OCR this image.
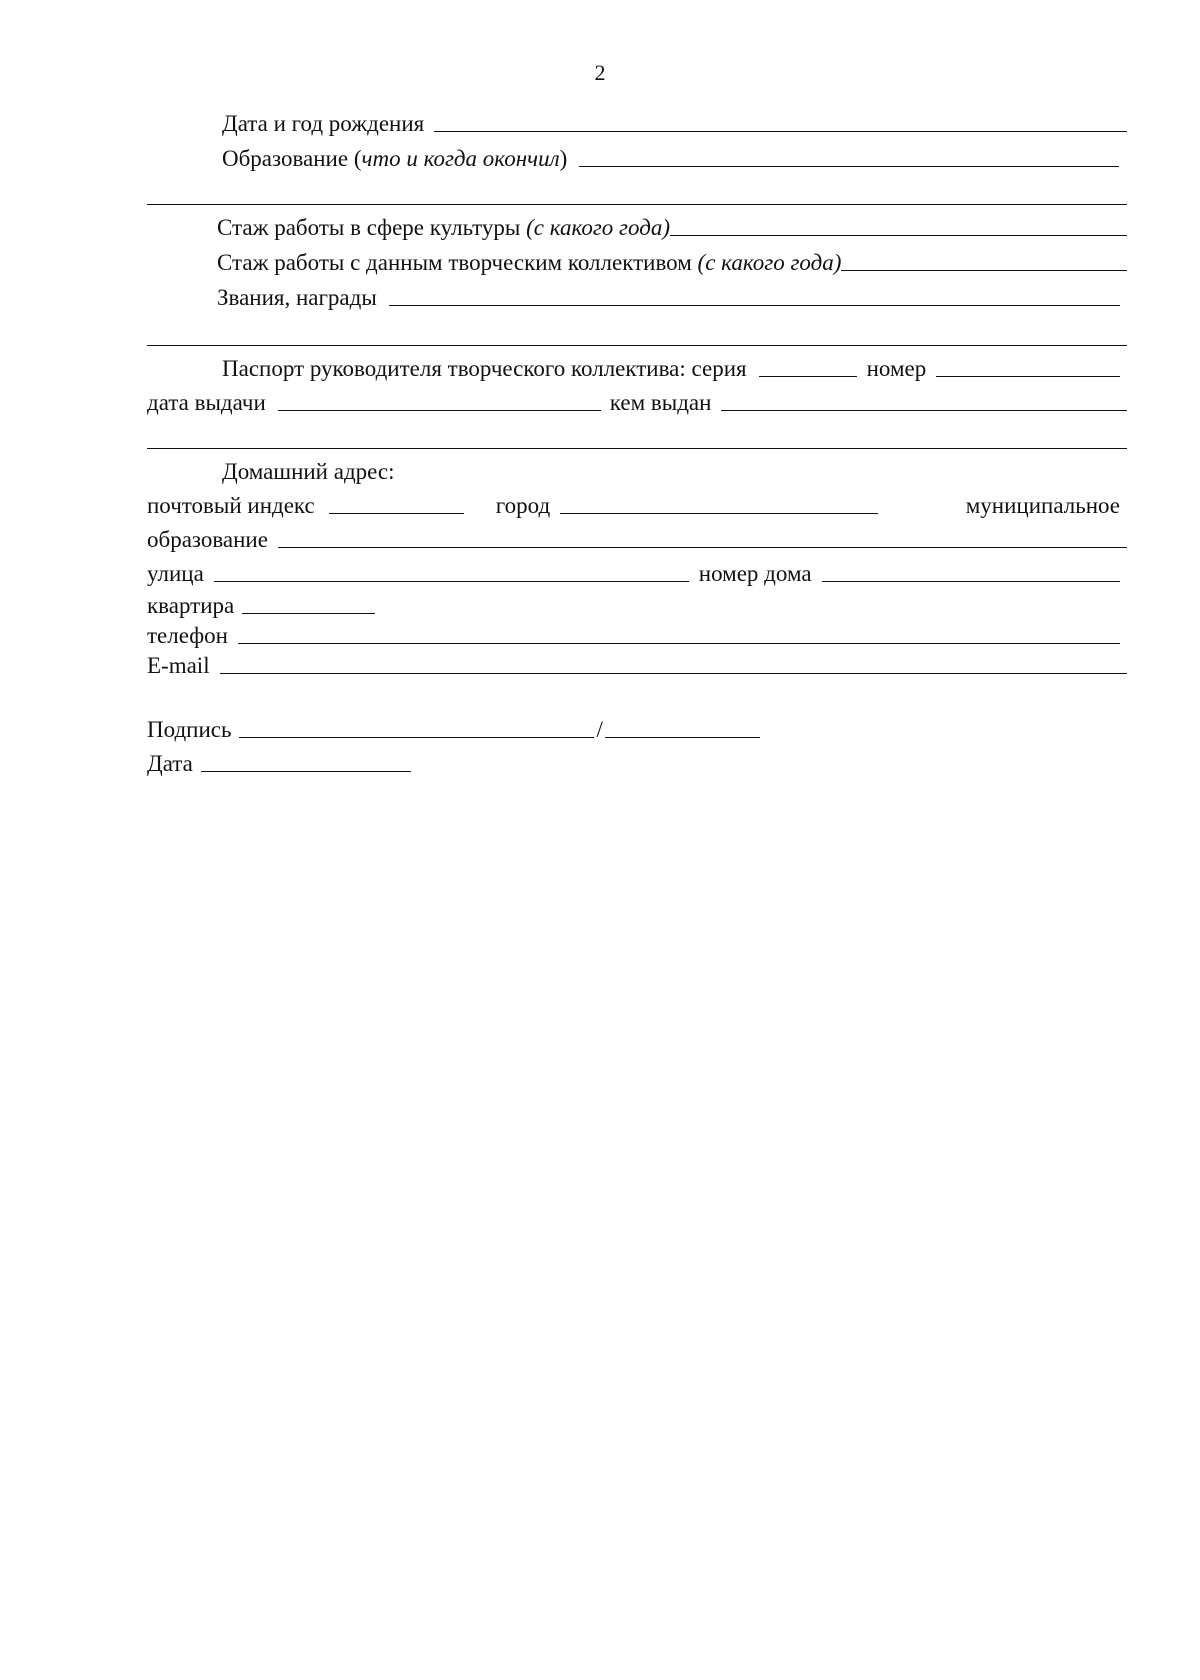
2
Дата и год рождения
Образование (что и когда окончил)
Стаж работы в сфере культуры (с какого года)
Стаж работы с данным творческим коллективом (с какого года)
Звания, награды
Паспорт руководителя творческого коллектива: серия	номер
дата выдачи	кем выдан
Домашний адрес:
почтовый индекс	город	муниципальное
образование
улица	номер дома
квартира
телефон
E-mail
Подпись	/
Дата
